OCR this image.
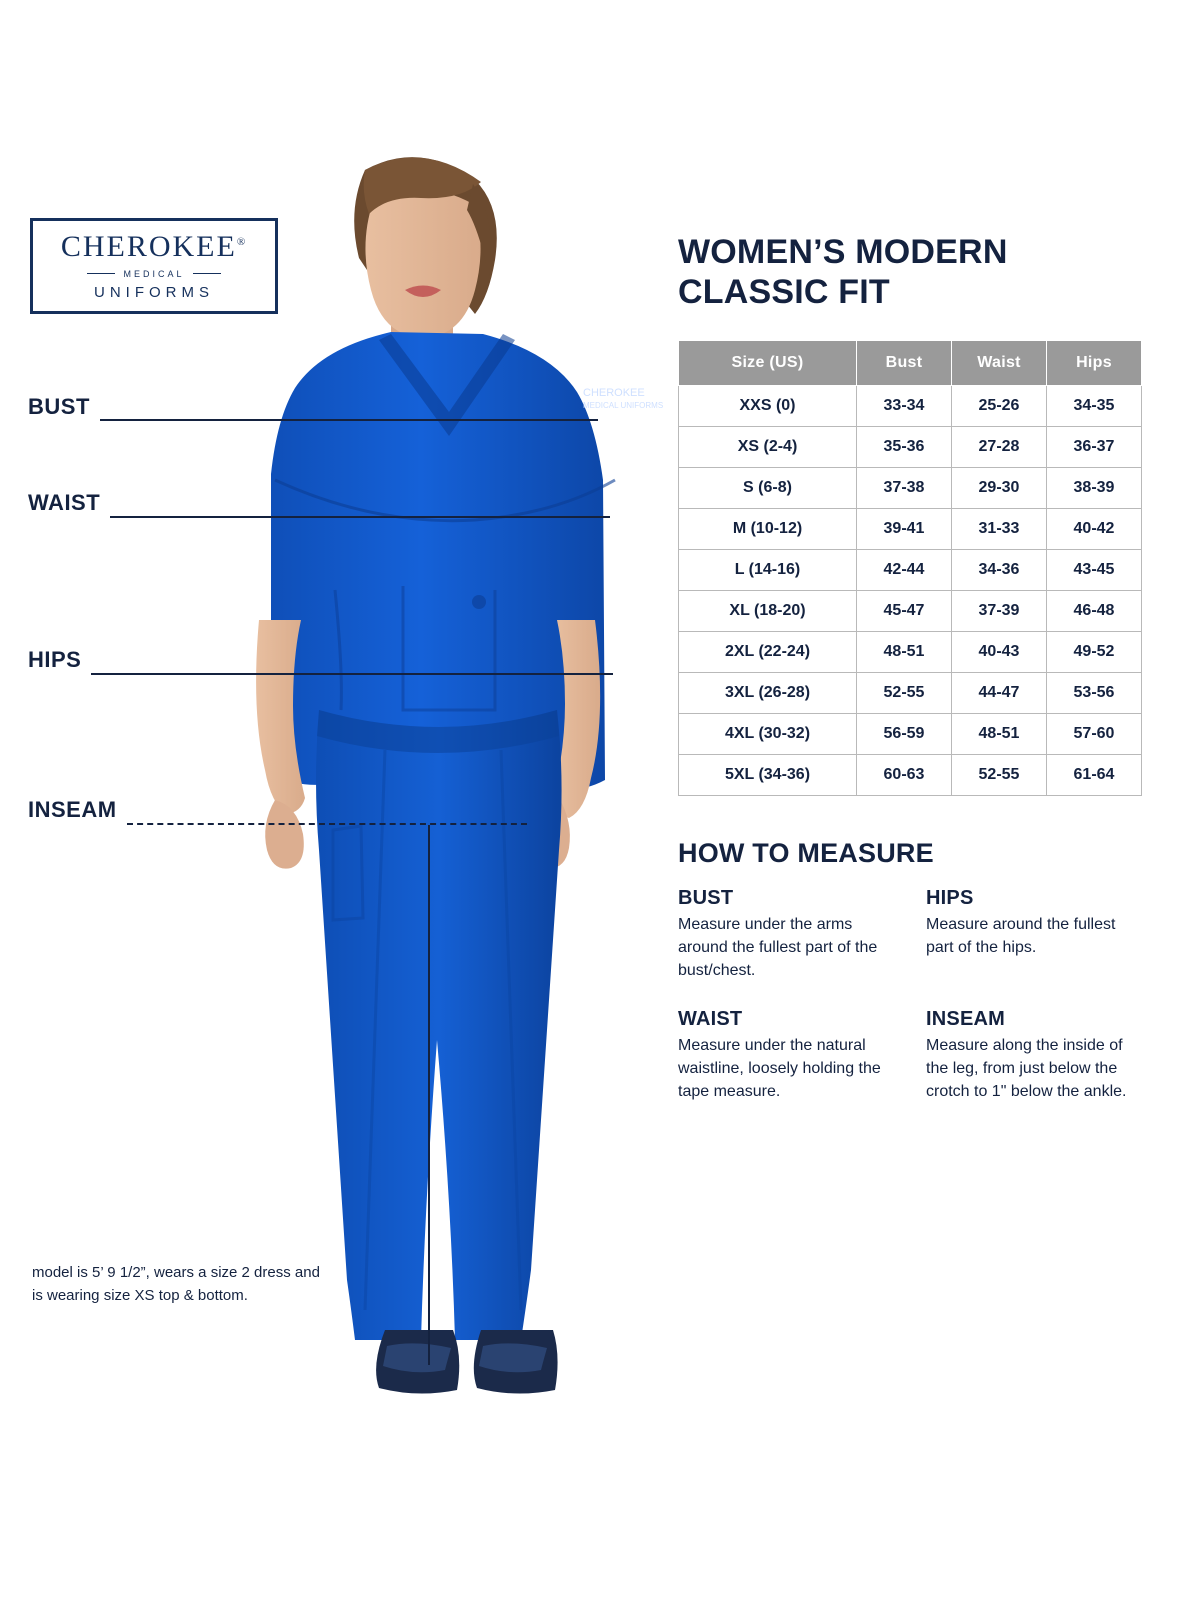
CHEROKEE
MEDICAL UNIFORMS
CHEROKEE®
MEDICAL
UNIFORMS
BUST
WAIST
HIPS
INSEAM
model is 5’ 9 1/2”, wears a size 2 dress and is wearing size XS top & bottom.
WOMEN’S MODERN CLASSIC FIT
Size (US)	Bust	Waist	Hips
XXS (0)	33-34	25-26	34-35
XS (2-4)	35-36	27-28	36-37
S (6-8)	37-38	29-30	38-39
M (10-12)	39-41	31-33	40-42
L (14-16)	42-44	34-36	43-45
XL (18-20)	45-47	37-39	46-48
2XL (22-24)	48-51	40-43	49-52
3XL (26-28)	52-55	44-47	53-56
4XL (30-32)	56-59	48-51	57-60
5XL (34-36)	60-63	52-55	61-64
HOW TO MEASURE
BUST

Measure under the arms around the fullest part of the bust/chest.

HIPS

Measure around the fullest part of the hips.

WAIST

Measure under the natural waistline, loosely holding the tape measure.

INSEAM

Measure along the inside of the leg, from just below the crotch to 1" below the ankle.
